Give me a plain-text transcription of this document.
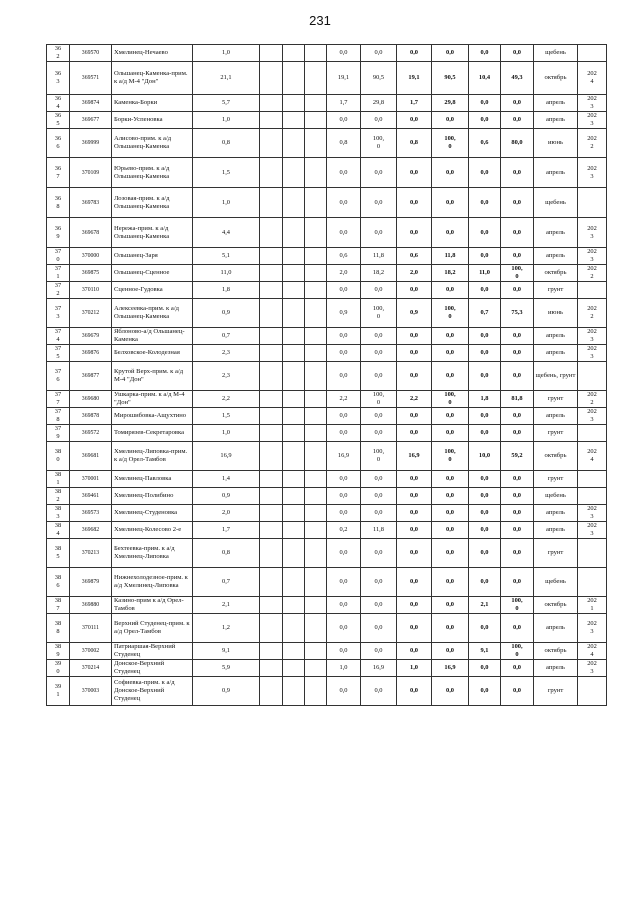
231
36
2	369570	Хмелинец-Нечаево	1,0				0,0	0,0	0,0	0,0	0,0	0,0	щебень	
36
3	369571	Ольшанец-Каменка-прим. к а/д М-4 "Дон"	21,1				19,1	90,5	19,1	90,5	10,4	49,3	октябрь	202
4
36
4	369874	Каменка-Борки	5,7				1,7	29,8	1,7	29,8	0,0	0,0	апрель	202
3
36
5	369677	Борки-Успеновка	1,0				0,0	0,0	0,0	0,0	0,0	0,0	апрель	202
3
36
6	369999	Алисово-прим. к а/д Ольшанец-Каменка	0,8				0,8	100,
0	0,8	100,
0	0,6	80,0	июнь	202
2
36
7	370109	Юрьево-прим. к а/д Ольшанец-Каменка	1,5				0,0	0,0	0,0	0,0	0,0	0,0	апрель	202
3
36
8	369783	Лозовая-прим. к а/д Ольшанец-Каменка	1,0				0,0	0,0	0,0	0,0	0,0	0,0	щебень	
36
9	369678	Нережа-прим. к а/д Ольшанец-Каменка	4,4				0,0	0,0	0,0	0,0	0,0	0,0	апрель	202
3
37
0	370000	Ольшанец-Заря	5,1				0,6	11,8	0,6	11,8	0,0	0,0	апрель	202
3
37
1	369875	Ольшанец-Сценное	11,0				2,0	18,2	2,0	18,2	11,0	100,
0	октябрь	202
2
37
2	370110	Сценное-Гудовка	1,8				0,0	0,0	0,0	0,0	0,0	0,0	грунт	
37
3	370212	Алексеевка-прим. к а/д Ольшанец-Каменка	0,9				0,9	100,
0	0,9	100,
0	0,7	75,3	июнь	202
2
37
4	369679	Яблоново-а/д Ольшанец-Каменка	0,7				0,0	0,0	0,0	0,0	0,0	0,0	апрель	202
3
37
5	369876	Белховское-Колодезная	2,3				0,0	0,0	0,0	0,0	0,0	0,0	апрель	202
3
37
6	369877	Крутой Верх-прим. к а/д М-4 "Дон"	2,3				0,0	0,0	0,0	0,0	0,0	0,0	щебень, грунт	
37
7	369680	Ушкарка-прим. к а/д М-4 "Дон"	2,2				2,2	100,
0	2,2	100,
0	1,8	81,8	грунт	202
2
37
8	369878	Мирошибовка-Ащухтино	1,5				0,0	0,0	0,0	0,0	0,0	0,0	апрель	202
3
37
9	369572	Томирязев-Секретаровка	1,0				0,0	0,0	0,0	0,0	0,0	0,0	грунт	
38
0	369681	Хмелинец-Липовка-прим. к а/д Орел-Тамбов	16,9				16,9	100,
0	16,9	100,
0	10,0	59,2	октябрь	202
4
38
1	370001	Хмелинец-Павловка	1,4				0,0	0,0	0,0	0,0	0,0	0,0	грунт	
38
2	369461	Хмелинец-Полибино	0,9				0,0	0,0	0,0	0,0	0,0	0,0	щебень	
38
3	369573	Хмелинец-Студеновка	2,0				0,0	0,0	0,0	0,0	0,0	0,0	апрель	202
3
38
4	369682	Хмелинец-Колесово 2-е	1,7				0,2	11,8	0,0	0,0	0,0	0,0	апрель	202
3
38
5	370213	Бехтеевка-прим. к а/д Хмелинец-Липовка	0,8				0,0	0,0	0,0	0,0	0,0	0,0	грунт	
38
6	369879	Нижнехолодезное-прим. к а/д Хмелинец-Липовка	0,7				0,0	0,0	0,0	0,0	0,0	0,0	щебень	
38
7	369880	Казино-прим к а/д Орел-Тамбов	2,1				0,0	0,0	0,0	0,0	2,1	100,
0	октябрь	202
1
38
8	370111	Верхний Студенец-прим. к а/д Орел-Тамбов	1,2				0,0	0,0	0,0	0,0	0,0	0,0	апрель	202
3
38
9	370002	Патриаршая-Верхний Студенец	9,1				0,0	0,0	0,0	0,0	9,1	100,
0	октябрь	202
4
39
0	370214	Донское-Верхний Студенец	5,9				1,0	16,9	1,0	16,9	0,0	0,0	апрель	202
3
39
1	370003	Софиевка-прим. к а/д Донское-Верхний Студенец	0,9				0,0	0,0	0,0	0,0	0,0	0,0	грунт	
